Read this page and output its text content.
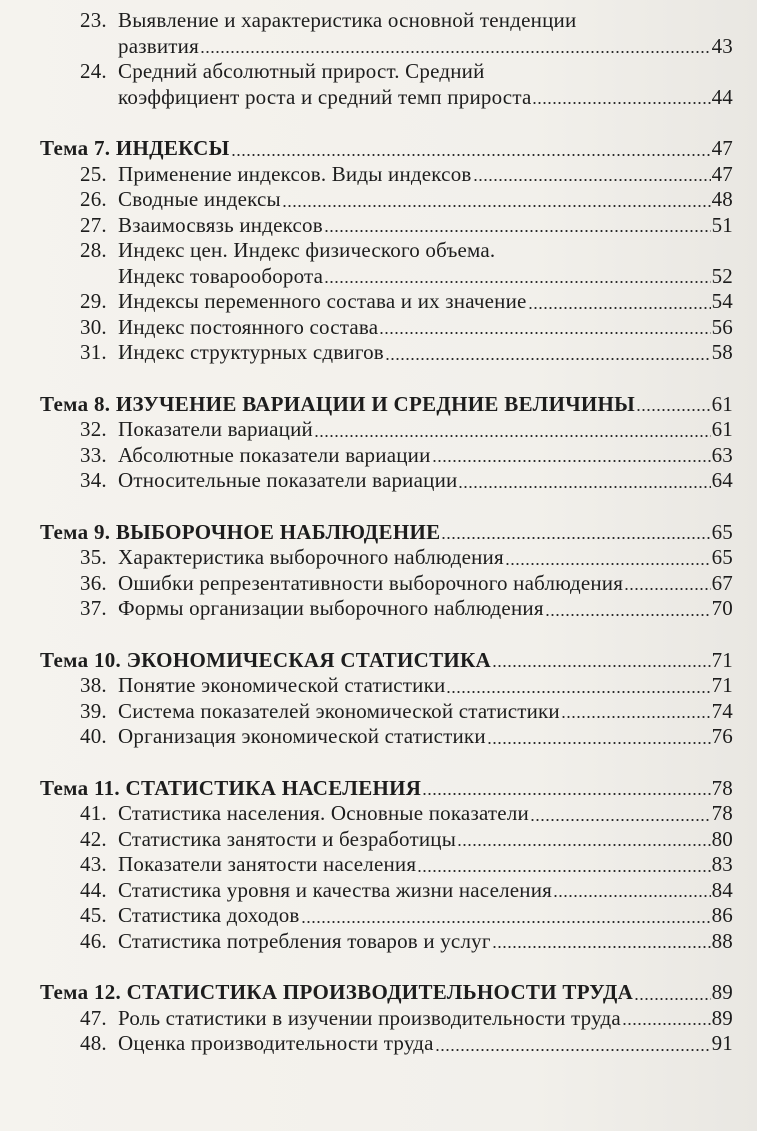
23. Выявление и характеристика основной тенденции
развития	43
24. Средний абсолютный прирост. Средний
коэффициент роста и средний темп прироста	44
Тема 7. ИНДЕКСЫ	47
25. Применение индексов. Виды индексов	47
26. Сводные индексы	48
27. Взаимосвязь индексов	51
28. Индекс цен. Индекс физического объема.
Индекс товарооборота	52
29. Индексы переменного состава и их значение	54
30. Индекс постоянного состава	56
31. Индекс структурных сдвигов	58
Тема 8. ИЗУЧЕНИЕ ВАРИАЦИИ И СРЕДНИЕ ВЕЛИЧИНЫ	61
32. Показатели вариаций	61
33. Абсолютные показатели вариации	63
34. Относительные показатели вариации	64
Тема 9. ВЫБОРОЧНОЕ НАБЛЮДЕНИЕ	65
35. Характеристика выборочного наблюдения	65
36. Ошибки репрезентативности выборочного наблюдения	67
37. Формы организации выборочного наблюдения	70
Тема 10. ЭКОНОМИЧЕСКАЯ СТАТИСТИКА	71
38. Понятие экономической статистики	71
39. Система показателей экономической статистики	74
40. Организация экономической статистики	76
Тема 11. СТАТИСТИКА НАСЕЛЕНИЯ	78
41. Статистика населения. Основные показатели	78
42. Статистика занятости и безработицы	80
43. Показатели занятости населения	83
44. Статистика уровня и качества жизни населения	84
45. Статистика доходов	86
46. Статистика потребления товаров и услуг	88
Тема 12. СТАТИСТИКА ПРОИЗВОДИТЕЛЬНОСТИ ТРУДА	89
47. Роль статистики в изучении производительности труда	89
48. Оценка производительности труда	91
